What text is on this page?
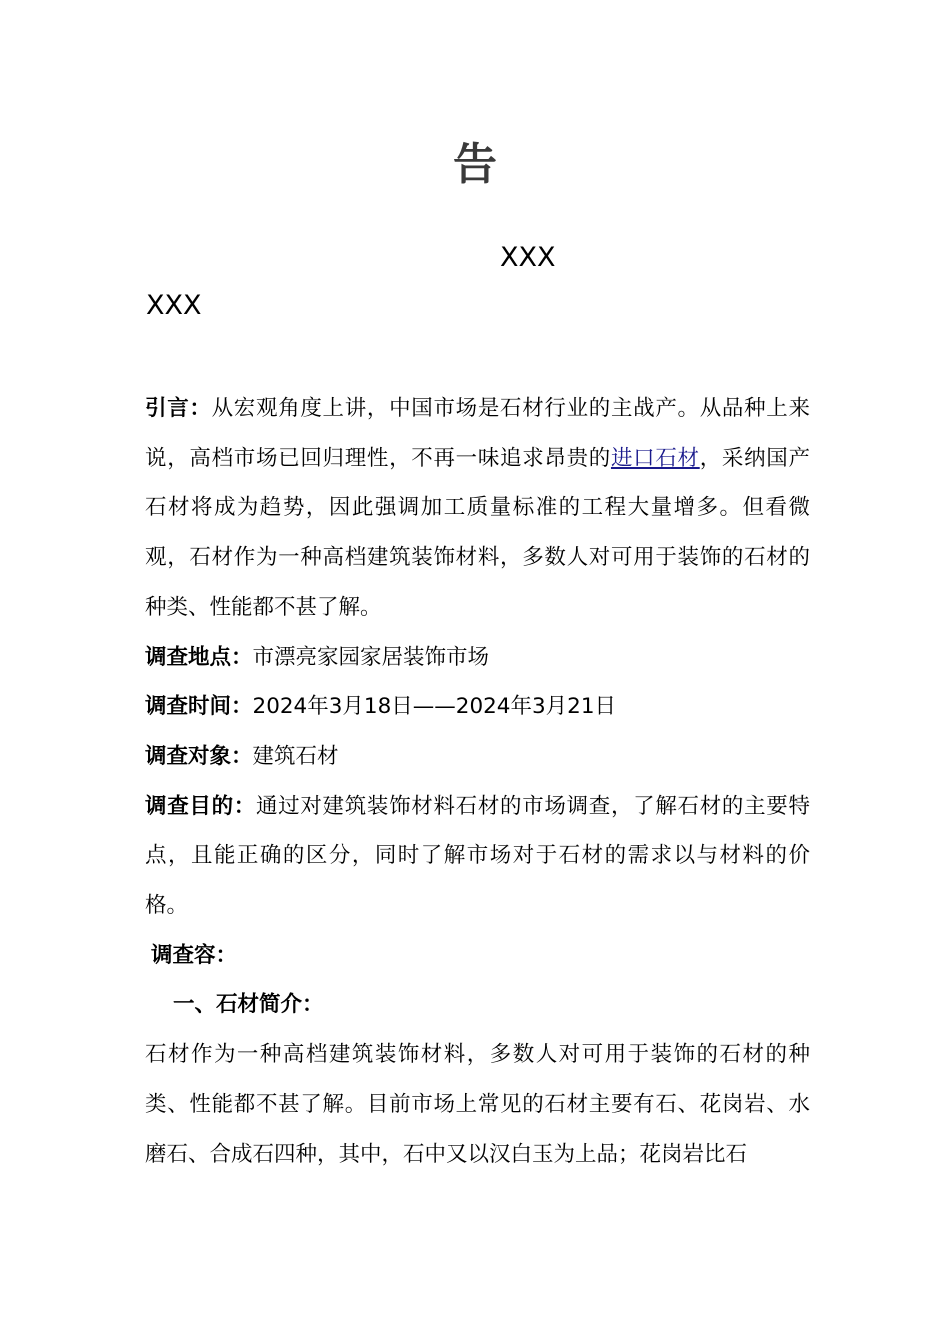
告
XXX
XXX

引言：从宏观角度上讲，中国市场是石材行业的主战产。从品种上来说，高档市场已回归理性，不再一味追求昂贵的进口石材，采纳国产石材将成为趋势，因此强调加工质量标准的工程大量增多。但看微观，石材作为一种高档建筑装饰材料，多数人对可用于装饰的石材的种类、性能都不甚了解。

调查地点：市漂亮家园家居装饰市场

调查时间：2024年3月18日——2024年3月21日

调查对象：建筑石材

调查目的：通过对建筑装饰材料石材的市场调查，了解石材的主要特点，且能正确的区分，同时了解市场对于石材的需求以与材料的价格。

调查容：

一、石材简介：

石材作为一种高档建筑装饰材料，多数人对可用于装饰的石材的种类、性能都不甚了解。目前市场上常见的石材主要有石、花岗岩、水磨石、合成石四种，其中，石中又以汉白玉为上品；花岗岩比石
